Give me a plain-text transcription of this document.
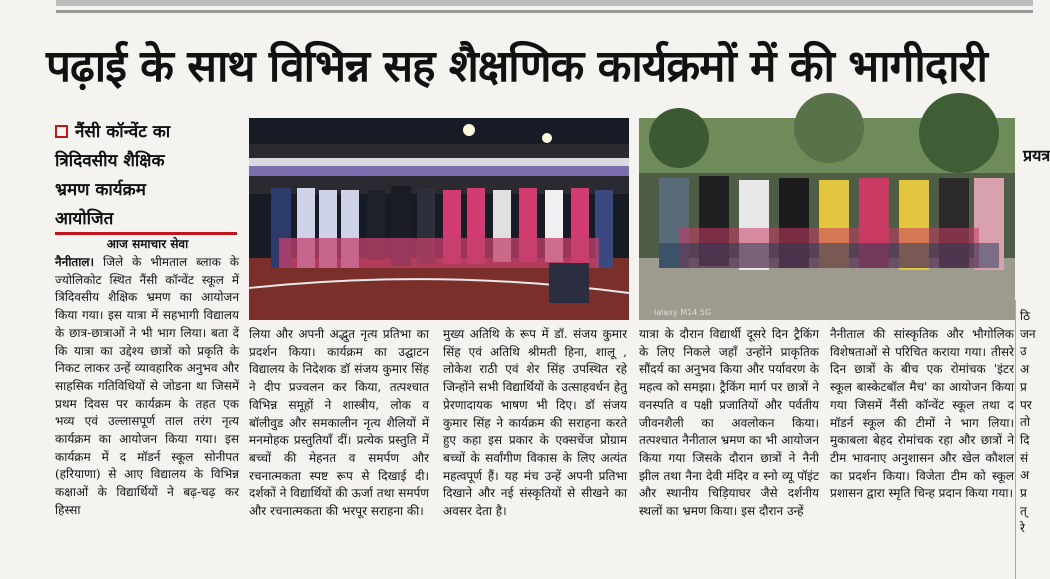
पढ़ाई के साथ विभिन्न सह शैक्षणिक कार्यक्रमों में की भागीदारी
नैंसी कॉन्वेंट का
त्रिदिवसीय शैक्षिक
भ्रमण कार्यक्रम
आयोजित
आज समाचार सेवा

नैनीताल। जिले के भीमताल ब्लाक के ज्योलिकोट स्थित नैंसी कॉन्वेंट स्कूल में त्रिदिवसीय शैक्षिक भ्रमण का आयोजन किया गया। इस यात्रा में सहभागी विद्यालय के छात्र-छात्राओं ने भी भाग लिया। बता दें कि यात्रा का उद्देश्य छात्रों को प्रकृति के निकट लाकर उन्हें व्यावहारिक अनुभव और साहसिक गतिविधियों से जोडना था जिसमें प्रथम दिवस पर कार्यक्रम के तहत एक भव्य एवं उल्लासपूर्ण ताल तरंग नृत्य कार्यक्रम का आयोजन किया गया। इस कार्यक्रम में द मॉडर्न स्कूल सोनीपत (हरियाणा) से आए विद्यालय के विभिन्न कक्षाओं के विद्यार्थियों ने बढ़-चढ़ कर हिस्सा

lalaxy M14 5G

लिया और अपनी अद्भुत नृत्य प्रतिभा का प्रदर्शन किया। कार्यक्रम का उद्घाटन विद्यालय के निदेशक डॉ संजय कुमार सिंह ने दीप प्रज्वलन कर किया, तत्पश्चात विभिन्न समूहों ने शास्त्रीय, लोक व बॉलीवुड और समकालीन नृत्य शैलियों में मनमोहक प्रस्तुतियाँ दीं। प्रत्येक प्रस्तुति में बच्चों की मेहनत व समर्पण और रचनात्मकता स्पष्ट रूप से दिखाई दी। दर्शकों ने विद्यार्थियों की ऊर्जा तथा समर्पण और रचनात्मकता की भरपूर सराहना की।

मुख्य अतिथि के रूप में डॉ. संजय कुमार सिंह एवं अतिथि श्रीमती हिना, शालू , लोकेश राठी एवं शेर सिंह उपस्थित रहे जिन्होंने सभी विद्यार्थियों के उत्साहवर्धन हेतु प्रेरणादायक भाषण भी दिए। डॉ संजय कुमार सिंह ने कार्यक्रम की सराहना करते हुए कहा इस प्रकार के एक्सचेंज प्रोग्राम बच्चों के सर्वांगीण विकास के लिए अत्यंत महत्वपूर्ण हैं। यह मंच उन्हें अपनी प्रतिभा दिखाने और नई संस्कृतियों से सीखने का अवसर देता है।

यात्रा के दौरान विद्यार्थी दूसरे दिन ट्रैकिंग के लिए निकले जहाँ उन्होंने प्राकृतिक सौंदर्य का अनुभव किया और पर्यावरण के महत्व को समझा। ट्रैकिंग मार्ग पर छात्रों ने वनस्पति व पक्षी प्रजातियों और पर्वतीय जीवनशैली का अवलोकन किया। तत्पश्चात नैनीताल भ्रमण का भी आयोजन किया गया जिसके दौरान छात्रों ने नैनी झील तथा नैना देवी मंदिर व स्नो व्यू पॉइंट और स्थानीय चिड़ियाघर जैसे दर्शनीय स्थलों का भ्रमण किया। इस दौरान उन्हें

नैनीताल की सांस्कृतिक और भौगोलिक विशेषताओं से परिचित कराया गया। तीसरे दिन छात्रों के बीच एक रोमांचक 'इंटर स्कूल बास्केटबॉल मैच' का आयोजन किया गया जिसमें नैंसी कॉन्वेंट स्कूल तथा द मॉडर्न स्कूल की टीमों ने भाग लिया। मुकाबला बेहद रोमांचक रहा और छात्रों ने टीम भावनाए अनुशासन और खेल कौशल का प्रदर्शन किया। विजेता टीम को स्कूल प्रशासन द्वारा स्मृति चिन्ह प्रदान किया गया।

प्रयत्र
ठि जन उ अ प्र पर तो दि सं अ प्र त् रे
